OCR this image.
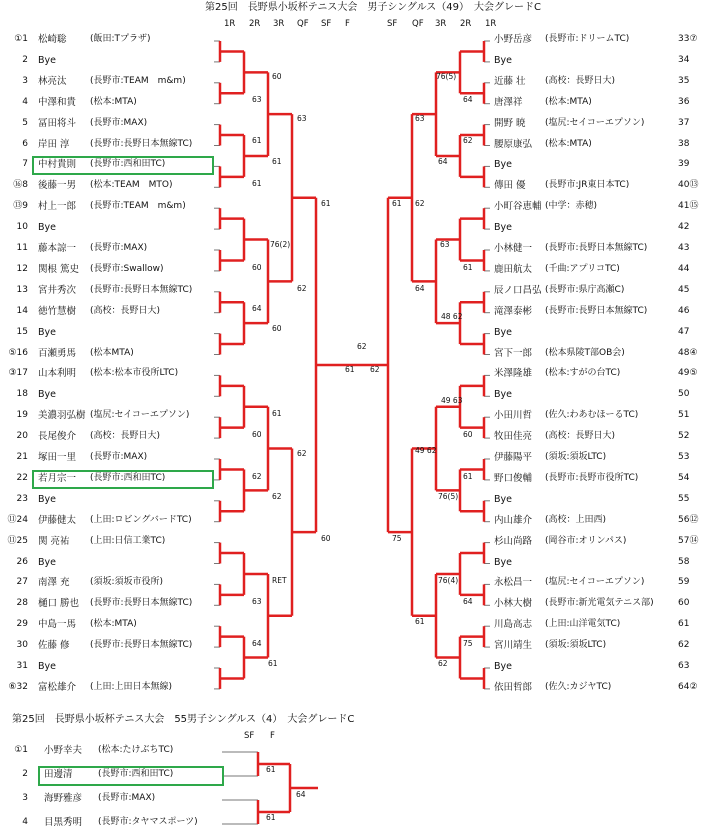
第25回　長野県小坂杯テニス大会　男子シングルス（49）　大会グレードC
1R 2R 3R QF SF F	SF QF 3R 2R 1R
①1 松崎聡	(飯田:Tプラザ)
2 Bye
3 林亮汰	(長野市:TEAM　m&m)
4 中澤和貴 (松本:MTA)
5 冨田将斗 (長野市:MAX)
6 岸田 淳 (長野市:長野日本無線TC)
7 中村貴則 (長野市:西和田TC)
⑯8 後藤一男 (松本:TEAM　MTO)
⑬9 村上一郎 (長野市:TEAM　m&m)
10 Bye
11 藤本諒一 (長野市:MAX)
12 関根 篤史 (長野市:Swallow)
13 宮井秀次 (長野市:長野日本無線TC)
14 徳竹慧樹 (高校：長野日大)
15 Bye
⑤16 百瀬勇馬 (松本MTA)
③17 山本利明 (松本:松本市役所LTC)
18 Bye
19 美濃羽弘樹 (塩尻:セイコーエプソン)
20 長尾俊介 (高校：長野日大)
21 塚田一里 (長野市:MAX)
22 若月宗一 (長野市:西和田TC)
23 Bye
⑪24 伊藤健太 (上田:ロビングバードTC)
⑪25 関 亮祐 (上田:日信工業TC)
26 Bye
27 南澤 充 (須坂:須坂市役所)
28 樋口 勝也 (長野市:長野日本無線TC)
29 中島一馬 (松本:MTA)
30 佐藤 修 (長野市:長野日本無線TC)
31 Bye
⑥32 富松雄介 (上田:上田日本無線)
小野岳彦 (長野市:ドリームTC)	33⑦
Bye	34
近藤 壮 (高校：長野日大)	35
唐澤祥 (松本:MTA)	36
開野 暁 (塩尻:セイコーエプソン)	37
腰原康弘 (松本:MTA)	38
Bye	39
傳田 優 (長野市:JR東日本TC)	40⑬
小町谷恵輔 (中学：赤穂)	41⑮
Bye	42
小林健一 (長野市:長野日本無線TC)	43
鹿田航太 (千曲:アプリコTC)	44
辰ノ口昌弘 (長野市:県庁高瀬C)	45
滝澤泰彬 (長野市:長野日本無線TC)	46
Bye	47
宮下一郎 (松本県陵T部OB会)	48④
米澤隆雄 (松本:すがの台TC)	49⑤
Bye	50
小田川哲 (佐久:わあむほーるTC)	51
牧田佳亮 (高校：長野日大)	52
伊藤陽平 (須坂:須坂LTC)	53
野口俊輔 (長野市:長野市役所TC)	54
Bye	55
内山雄介 (高校：上田西)	56⑫
杉山尚路 (岡谷市:オリンパス)	57⑭
Bye	58
永松昌一 (塩尻:セイコーエプソン)	59
小林大樹 (長野市:新光電気テニス部)	60
川島高志 (上田:山洋電気TC)	61
宮川靖生 (須坂:須坂LTC)	62
Bye	63
依田哲郎 (佐久:カジヤTC)	64②
60
63
61
61
63
76(2)
60
64
60
62
61
60
62
62
62
RET
63
64
61
61
60
61
62
61 62
76(5)
64
62
64
63
63
61
48 62
64
49 63
60
61
76(5)
76(4)
64
75
62
62
49 62
75
61
61
第25回　長野県小坂杯テニス大会　55男子シングルス（4）　大会グレードC
SF F
①1 小野幸夫 (松本:たけぶちTC)
2 田邊清	(長野市:西和田TC)
3 海野雅彦 (長野市:MAX)
4 目黒秀明 (長野市:タヤマスポーツ)
61
64
61
